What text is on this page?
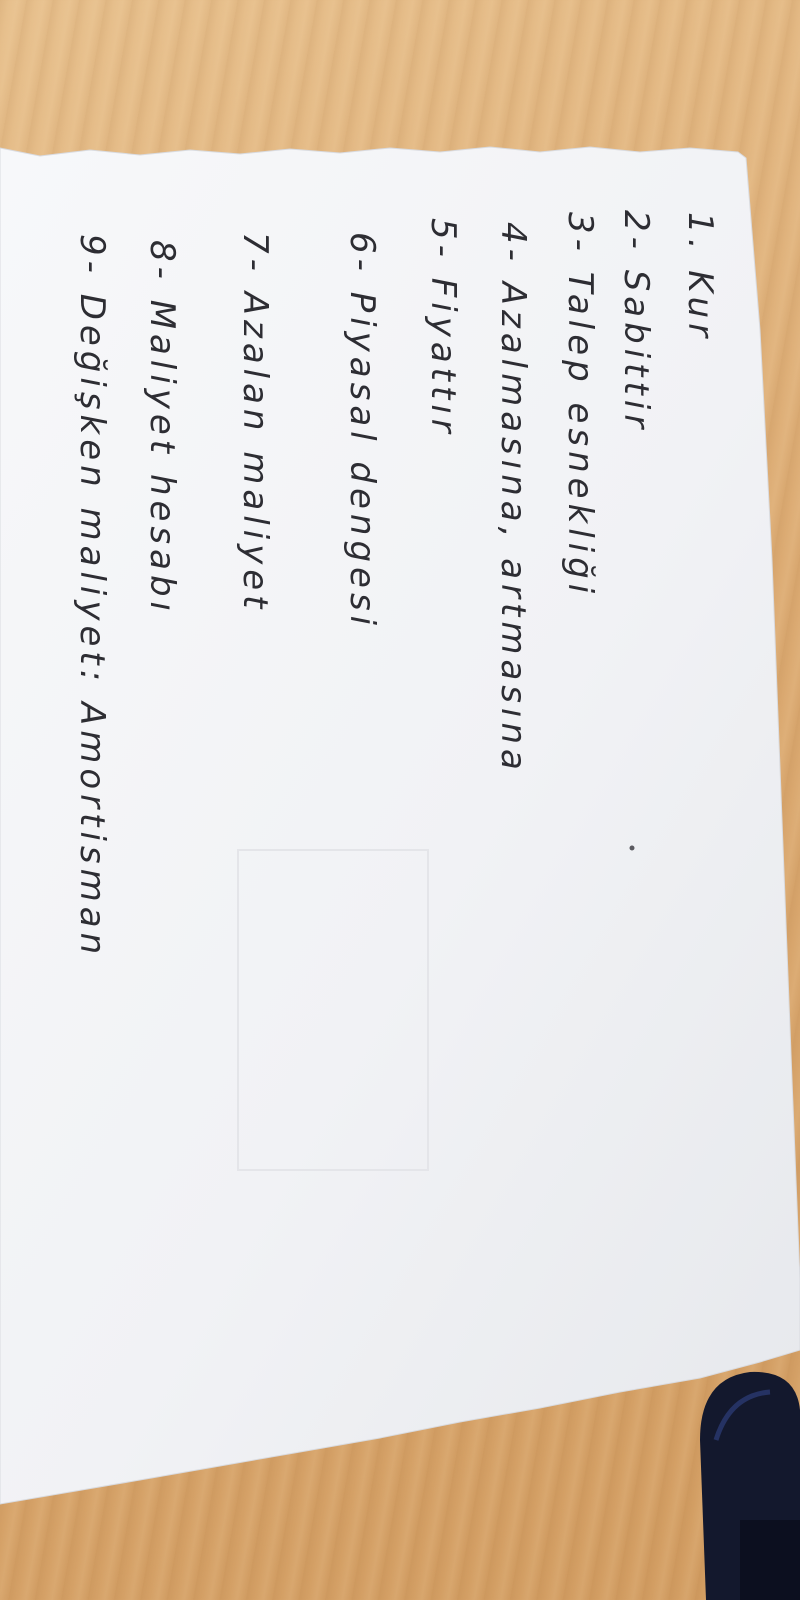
1. Kur
2- Sabittir
3- Talep esnekliği
4- Azalmasına, artmasına
5- Fiyattır
6- Piyasal dengesi
7- Azalan maliyet
8- Maliyet hesabı
9- Değişken maliyet: Amortisman
